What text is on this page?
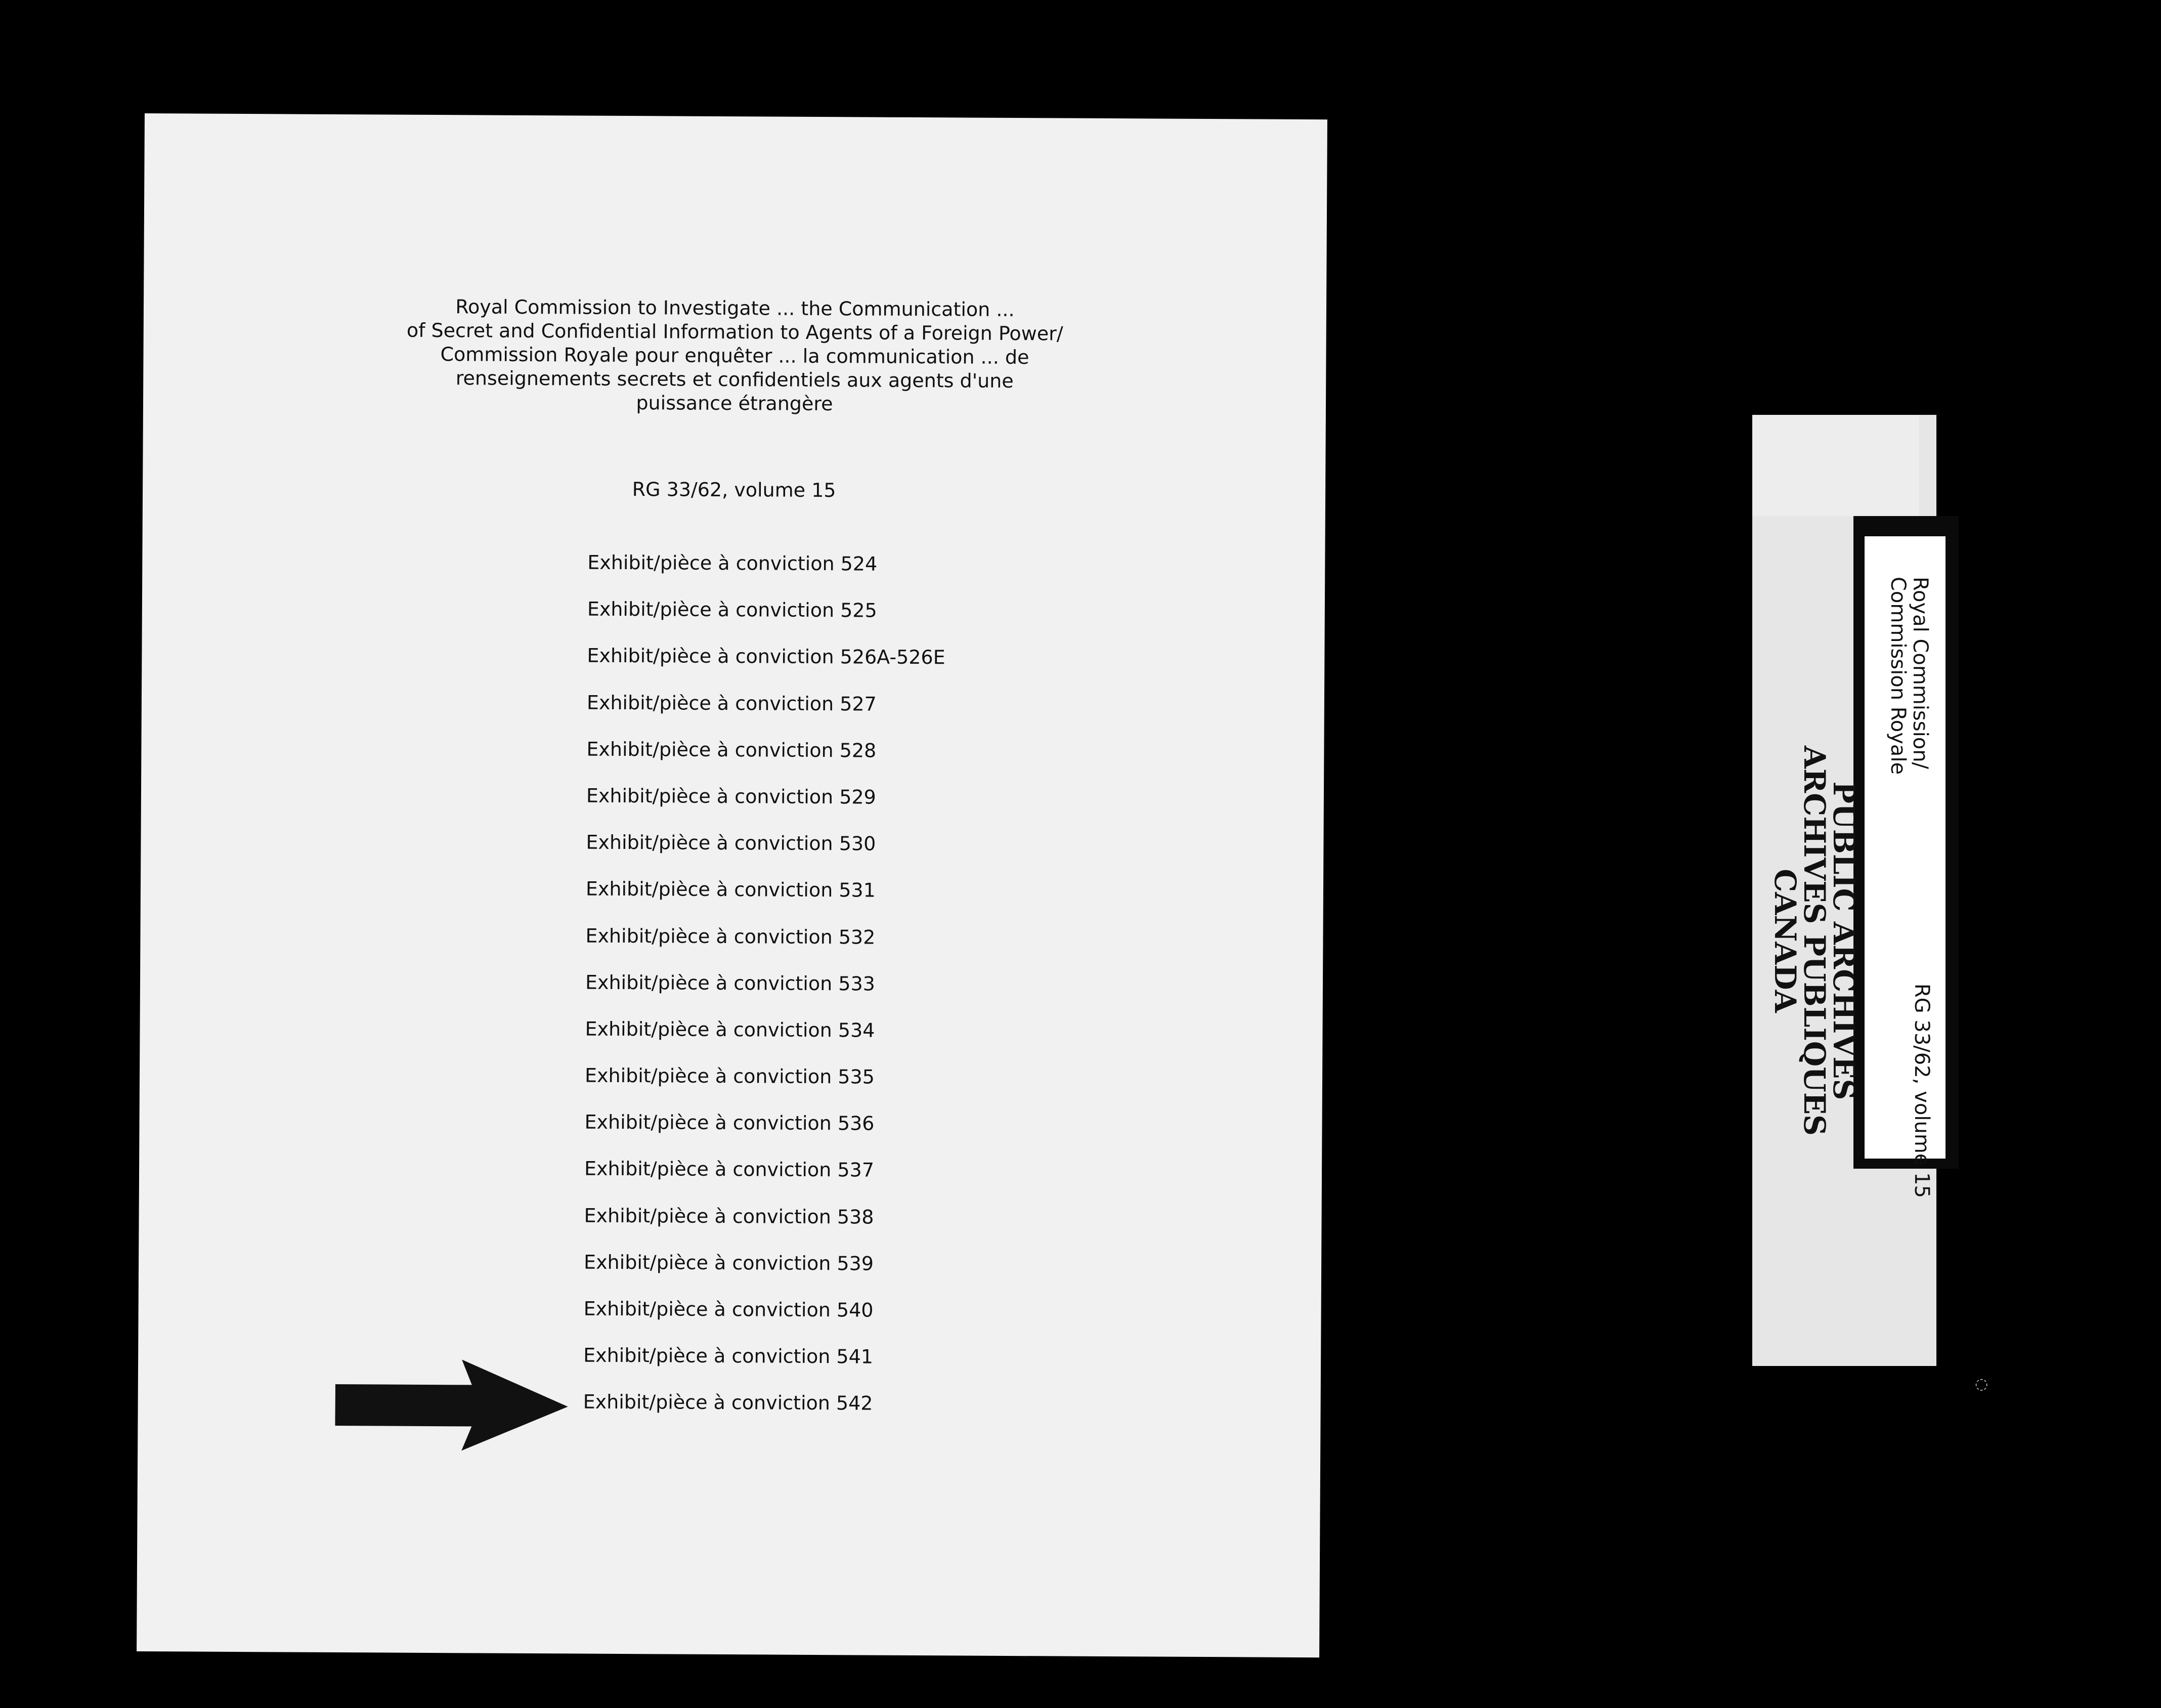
Royal Commission to Investigate ... the Communication ...
of Secret and Confidential Information to Agents of a Foreign Power/
Commission Royale pour enquêter ... la communication ... de
renseignements secrets et confidentiels aux agents d'une
puissance étrangère
RG 33/62, volume 15
Exhibit/pièce à conviction 524
Exhibit/pièce à conviction 525
Exhibit/pièce à conviction 526A-526E
Exhibit/pièce à conviction 527
Exhibit/pièce à conviction 528
Exhibit/pièce à conviction 529
Exhibit/pièce à conviction 530
Exhibit/pièce à conviction 531
Exhibit/pièce à conviction 532
Exhibit/pièce à conviction 533
Exhibit/pièce à conviction 534
Exhibit/pièce à conviction 535
Exhibit/pièce à conviction 536
Exhibit/pièce à conviction 537
Exhibit/pièce à conviction 538
Exhibit/pièce à conviction 539
Exhibit/pièce à conviction 540
Exhibit/pièce à conviction 541
Exhibit/pièce à conviction 542
Royal Commission/
Commission Royale
PUBLIC ARCHIVES
ARCHIVES PUBLIQUES
CANADA
RG 33/62, volume 15
◌
